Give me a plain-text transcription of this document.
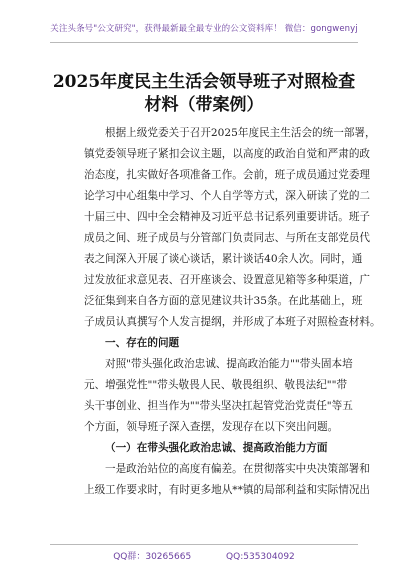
关注头条号"公文研究"，获得最新最全最专业的公文资料库！ 微信：gongwenyj
2025年度民主生活会领导班子对照检查
材料（带案例）
根据上级党委关于召开2025年度民主生活会的统一部署，
镇党委领导班子紧扣会议主题，以高度的政治自觉和严肃的政
治态度，扎实做好各项准备工作。会前，班子成员通过党委理
论学习中心组集中学习、个人自学等方式，深入研读了党的二
十届三中、四中全会精神及习近平总书记系列重要讲话。班子
成员之间、班子成员与分管部门负责同志、与所在支部党员代
表之间深入开展了谈心谈话，累计谈话40余人次。同时，通
过发放征求意见表、召开座谈会、设置意见箱等多种渠道，广
泛征集到来自各方面的意见建议共计35条。在此基础上，班
子成员认真撰写个人发言提纲，并形成了本班子对照检查材料。
一、存在的问题
对照"带头强化政治忠诚、提高政治能力""带头固本培
元、增强党性""带头敬畏人民、敬畏组织、敬畏法纪""带
头干事创业、担当作为""带头坚决扛起管党治党责任"等五
个方面，领导班子深入查摆，发现存在以下突出问题。
（一）在带头强化政治忠诚、提高政治能力方面
一是政治站位的高度有偏差。在贯彻落实中央决策部署和
上级工作要求时，有时更多地从**镇的局部利益和实际情况出
QQ群：30265665	QQ:535304092
